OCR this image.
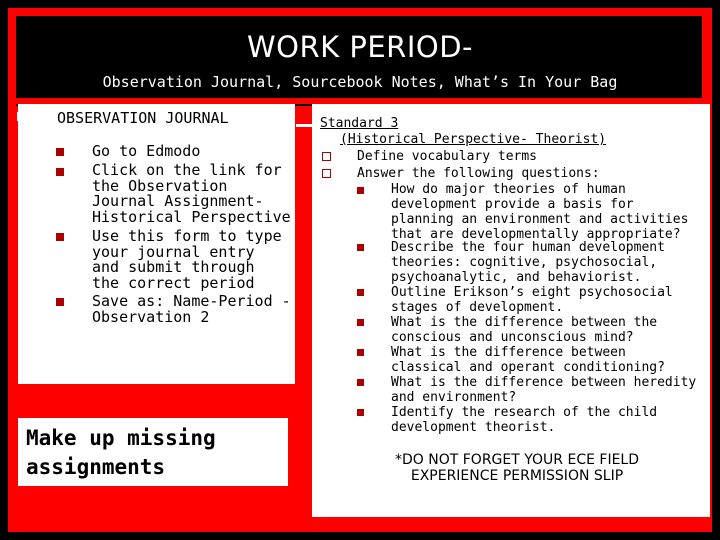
WORK PERIOD-
Observation Journal, Sourcebook Notes, What’s In Your Bag
OBSERVATION JOURNAL
Go to Edmodo
Click on the link for the Observation Journal Assignment- Historical Perspective
Use this form to type your journal entry and submit through the correct period
Save as: Name-Period -Observation 2
Make up missing assignments
Standard 3
(Historical Perspective- Theorist)
Define vocabulary terms
Answer the following questions:
How do major theories of human development provide a basis for planning an environment and activities that are developmentally appropriate?
Describe the four human development theories: cognitive, psychosocial, psychoanalytic, and behaviorist.
Outline Erikson’s eight psychosocial stages of development.
What is the difference between the conscious and unconscious mind?
What is the difference between classical and operant conditioning?
What is the difference between heredity and environment?
Identify the research of the child development theorist.
*DO NOT FORGET YOUR ECE FIELD EXPERIENCE PERMISSION SLIP
